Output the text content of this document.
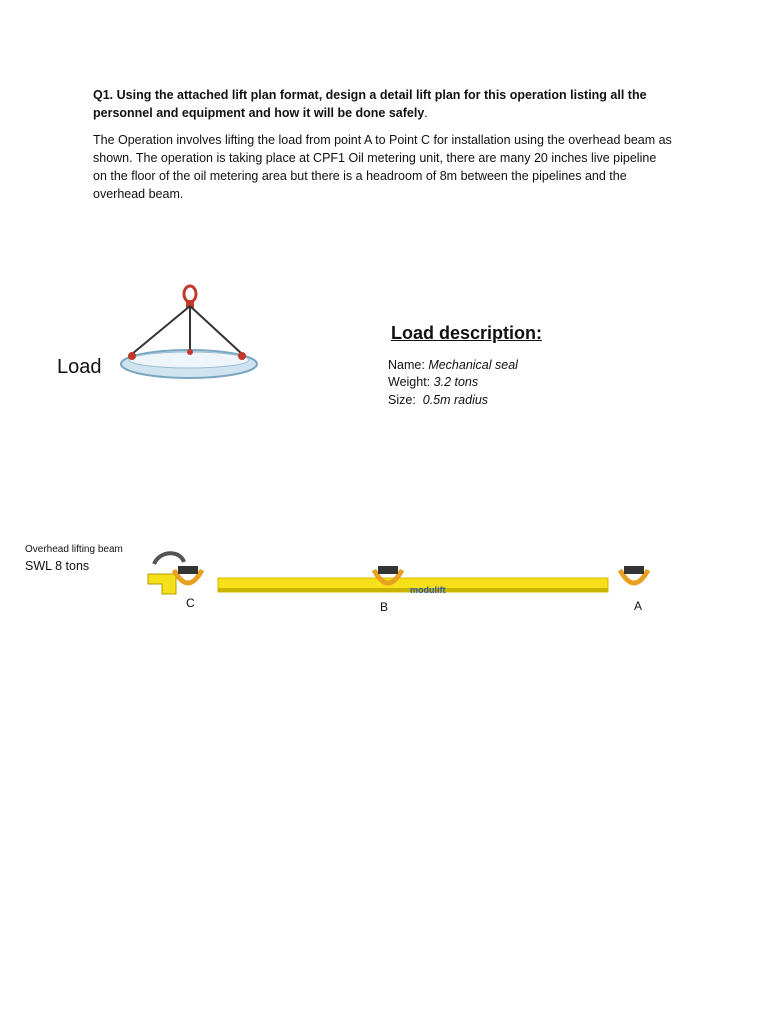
Q1. Using the attached lift plan format, design a detail lift plan for this operation listing all the personnel and equipment and how it will be done safely.
The Operation involves lifting the load from point A to Point C for installation using the overhead beam as shown. The operation is taking place at CPF1 Oil metering unit, there are many 20 inches live pipeline on the floor of the oil metering area but there is a headroom of 8m between the pipelines and the overhead beam.
Load
Load description:
Name: Mechanical seal
Weight: 3.2 tons
Size: 0.5m radius
Overhead lifting beam
SWL 8 tons
modulift
C	B	A
